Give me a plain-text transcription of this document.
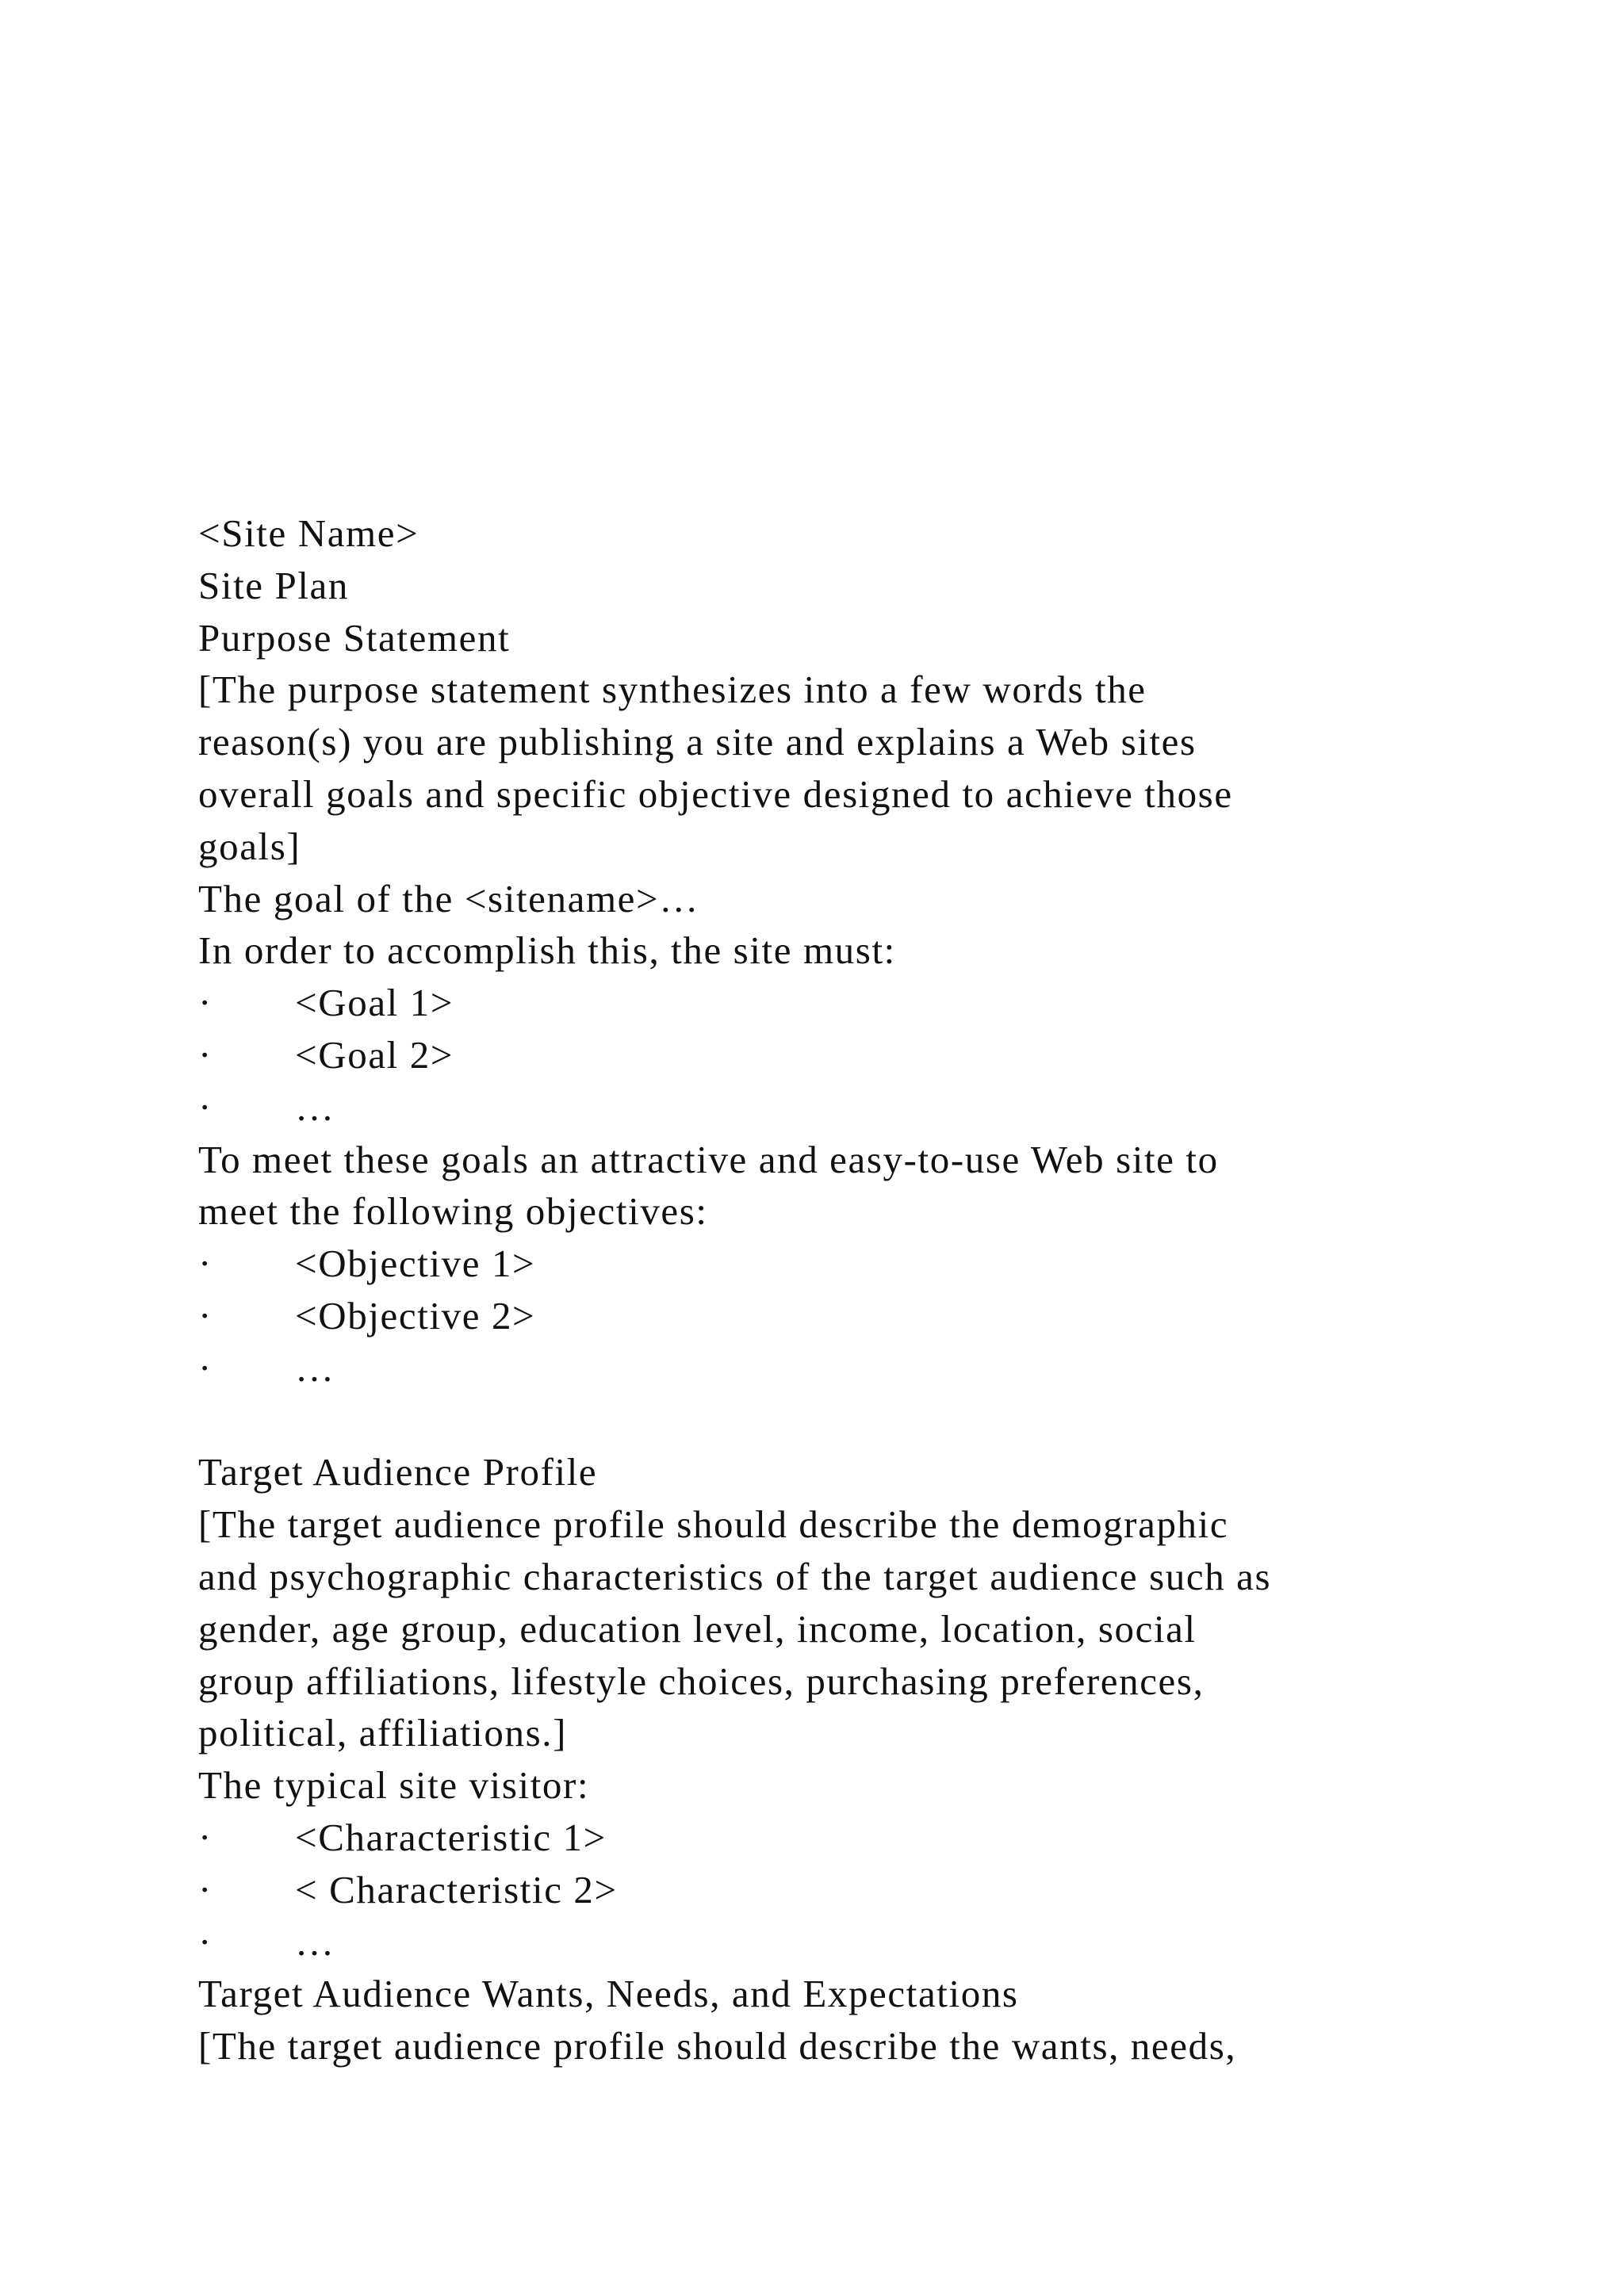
<Site Name>
Site Plan
Purpose Statement
[The purpose statement synthesizes into a few words the
reason(s) you are publishing a site and explains a Web sites
overall goals and specific objective designed to achieve those
goals]
The goal of the <sitename>…
In order to accomplish this, the site must:
·	<Goal 1>
·	<Goal 2>
·	…
To meet these goals an attractive and easy-to-use Web site to
meet the following objectives:
·	<Objective 1>
·	<Objective 2>
·	…
Target Audience Profile
[The target audience profile should describe the demographic
and psychographic characteristics of the target audience such as
gender, age group, education level, income, location, social
group affiliations, lifestyle choices, purchasing preferences,
political, affiliations.]
The typical site visitor:
·	<Characteristic 1>
·	< Characteristic 2>
·	…
Target Audience Wants, Needs, and Expectations
[The target audience profile should describe the wants, needs,
